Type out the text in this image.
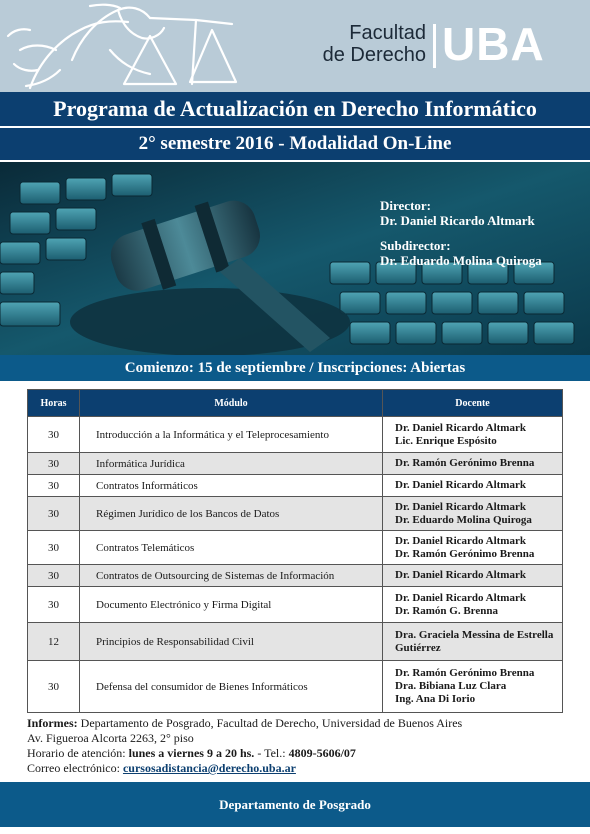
Facultad
de Derecho UBA
Programa de Actualización en Derecho Informático
2° semestre 2016 - Modalidad On-Line
Director:
Dr. Daniel Ricardo Altmark
Subdirector:
Dr. Eduardo Molina Quiroga
Comienzo: 15 de septiembre / Inscripciones: Abiertas
Horas	Módulo	Docente
30	Introducción a la Informática y el Teleprocesamiento	Dr. Daniel Ricardo Altmark
Lic. Enrique Espósito

30	Informática Jurídica	Dr. Ramón Gerónimo Brenna

30	Contratos Informáticos	Dr. Daniel Ricardo Altmark

30	Régimen Jurídico de los Bancos de Datos	Dr. Daniel Ricardo Altmark
Dr. Eduardo Molina Quiroga

30	Contratos Telemáticos	Dr. Daniel Ricardo Altmark
Dr. Ramón Gerónimo Brenna

30	Contratos de Outsourcing de Sistemas de Información	Dr. Daniel Ricardo Altmark

30	Documento Electrónico y Firma Digital	Dr. Daniel Ricardo Altmark
Dr. Ramón G. Brenna

12	Principios de Responsabilidad Civil	Dra. Graciela Messina de Estrella
Gutiérrez

30	Defensa del consumidor de Bienes Informáticos	Dr. Ramón Gerónimo Brenna
Dra. Bibiana Luz Clara
Ing. Ana Di Iorio
Informes: Departamento de Posgrado, Facultad de Derecho, Universidad de Buenos Aires
Av. Figueroa Alcorta 2263, 2° piso
Horario de atención: lunes a viernes 9 a 20 hs. - Tel.: 4809-5606/07
Correo electrónico: cursosadistancia@derecho.uba.ar
Departamento de Posgrado
